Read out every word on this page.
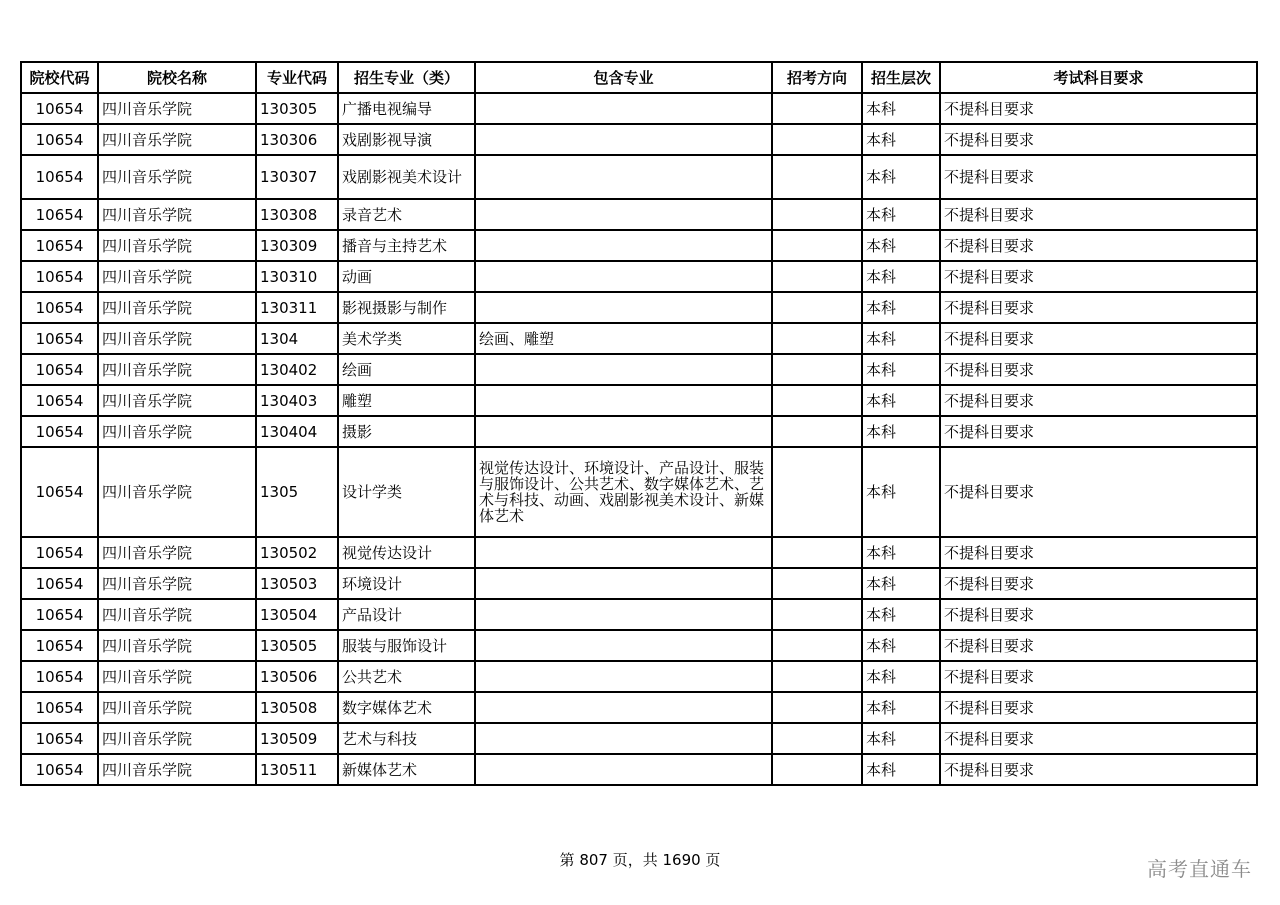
院校代码	院校名称	专业代码	招生专业（类）	包含专业	招考方向	招生层次	考试科目要求
10654	四川音乐学院	130305	广播电视编导			本科	不提科目要求
10654	四川音乐学院	130306	戏剧影视导演			本科	不提科目要求
10654	四川音乐学院	130307	戏剧影视美术设计			本科	不提科目要求
10654	四川音乐学院	130308	录音艺术			本科	不提科目要求
10654	四川音乐学院	130309	播音与主持艺术			本科	不提科目要求
10654	四川音乐学院	130310	动画			本科	不提科目要求
10654	四川音乐学院	130311	影视摄影与制作			本科	不提科目要求
10654	四川音乐学院	1304	美术学类	绘画、雕塑		本科	不提科目要求
10654	四川音乐学院	130402	绘画			本科	不提科目要求
10654	四川音乐学院	130403	雕塑			本科	不提科目要求
10654	四川音乐学院	130404	摄影			本科	不提科目要求
10654	四川音乐学院	1305	设计学类	视觉传达设计、环境设计、产品设计、服装与服饰设计、公共艺术、数字媒体艺术、艺术与科技、动画、戏剧影视美术设计、新媒体艺术		本科	不提科目要求
10654	四川音乐学院	130502	视觉传达设计			本科	不提科目要求
10654	四川音乐学院	130503	环境设计			本科	不提科目要求
10654	四川音乐学院	130504	产品设计			本科	不提科目要求
10654	四川音乐学院	130505	服装与服饰设计			本科	不提科目要求
10654	四川音乐学院	130506	公共艺术			本科	不提科目要求
10654	四川音乐学院	130508	数字媒体艺术			本科	不提科目要求
10654	四川音乐学院	130509	艺术与科技			本科	不提科目要求
10654	四川音乐学院	130511	新媒体艺术			本科	不提科目要求
第 807 页，共 1690 页	高考直通车
